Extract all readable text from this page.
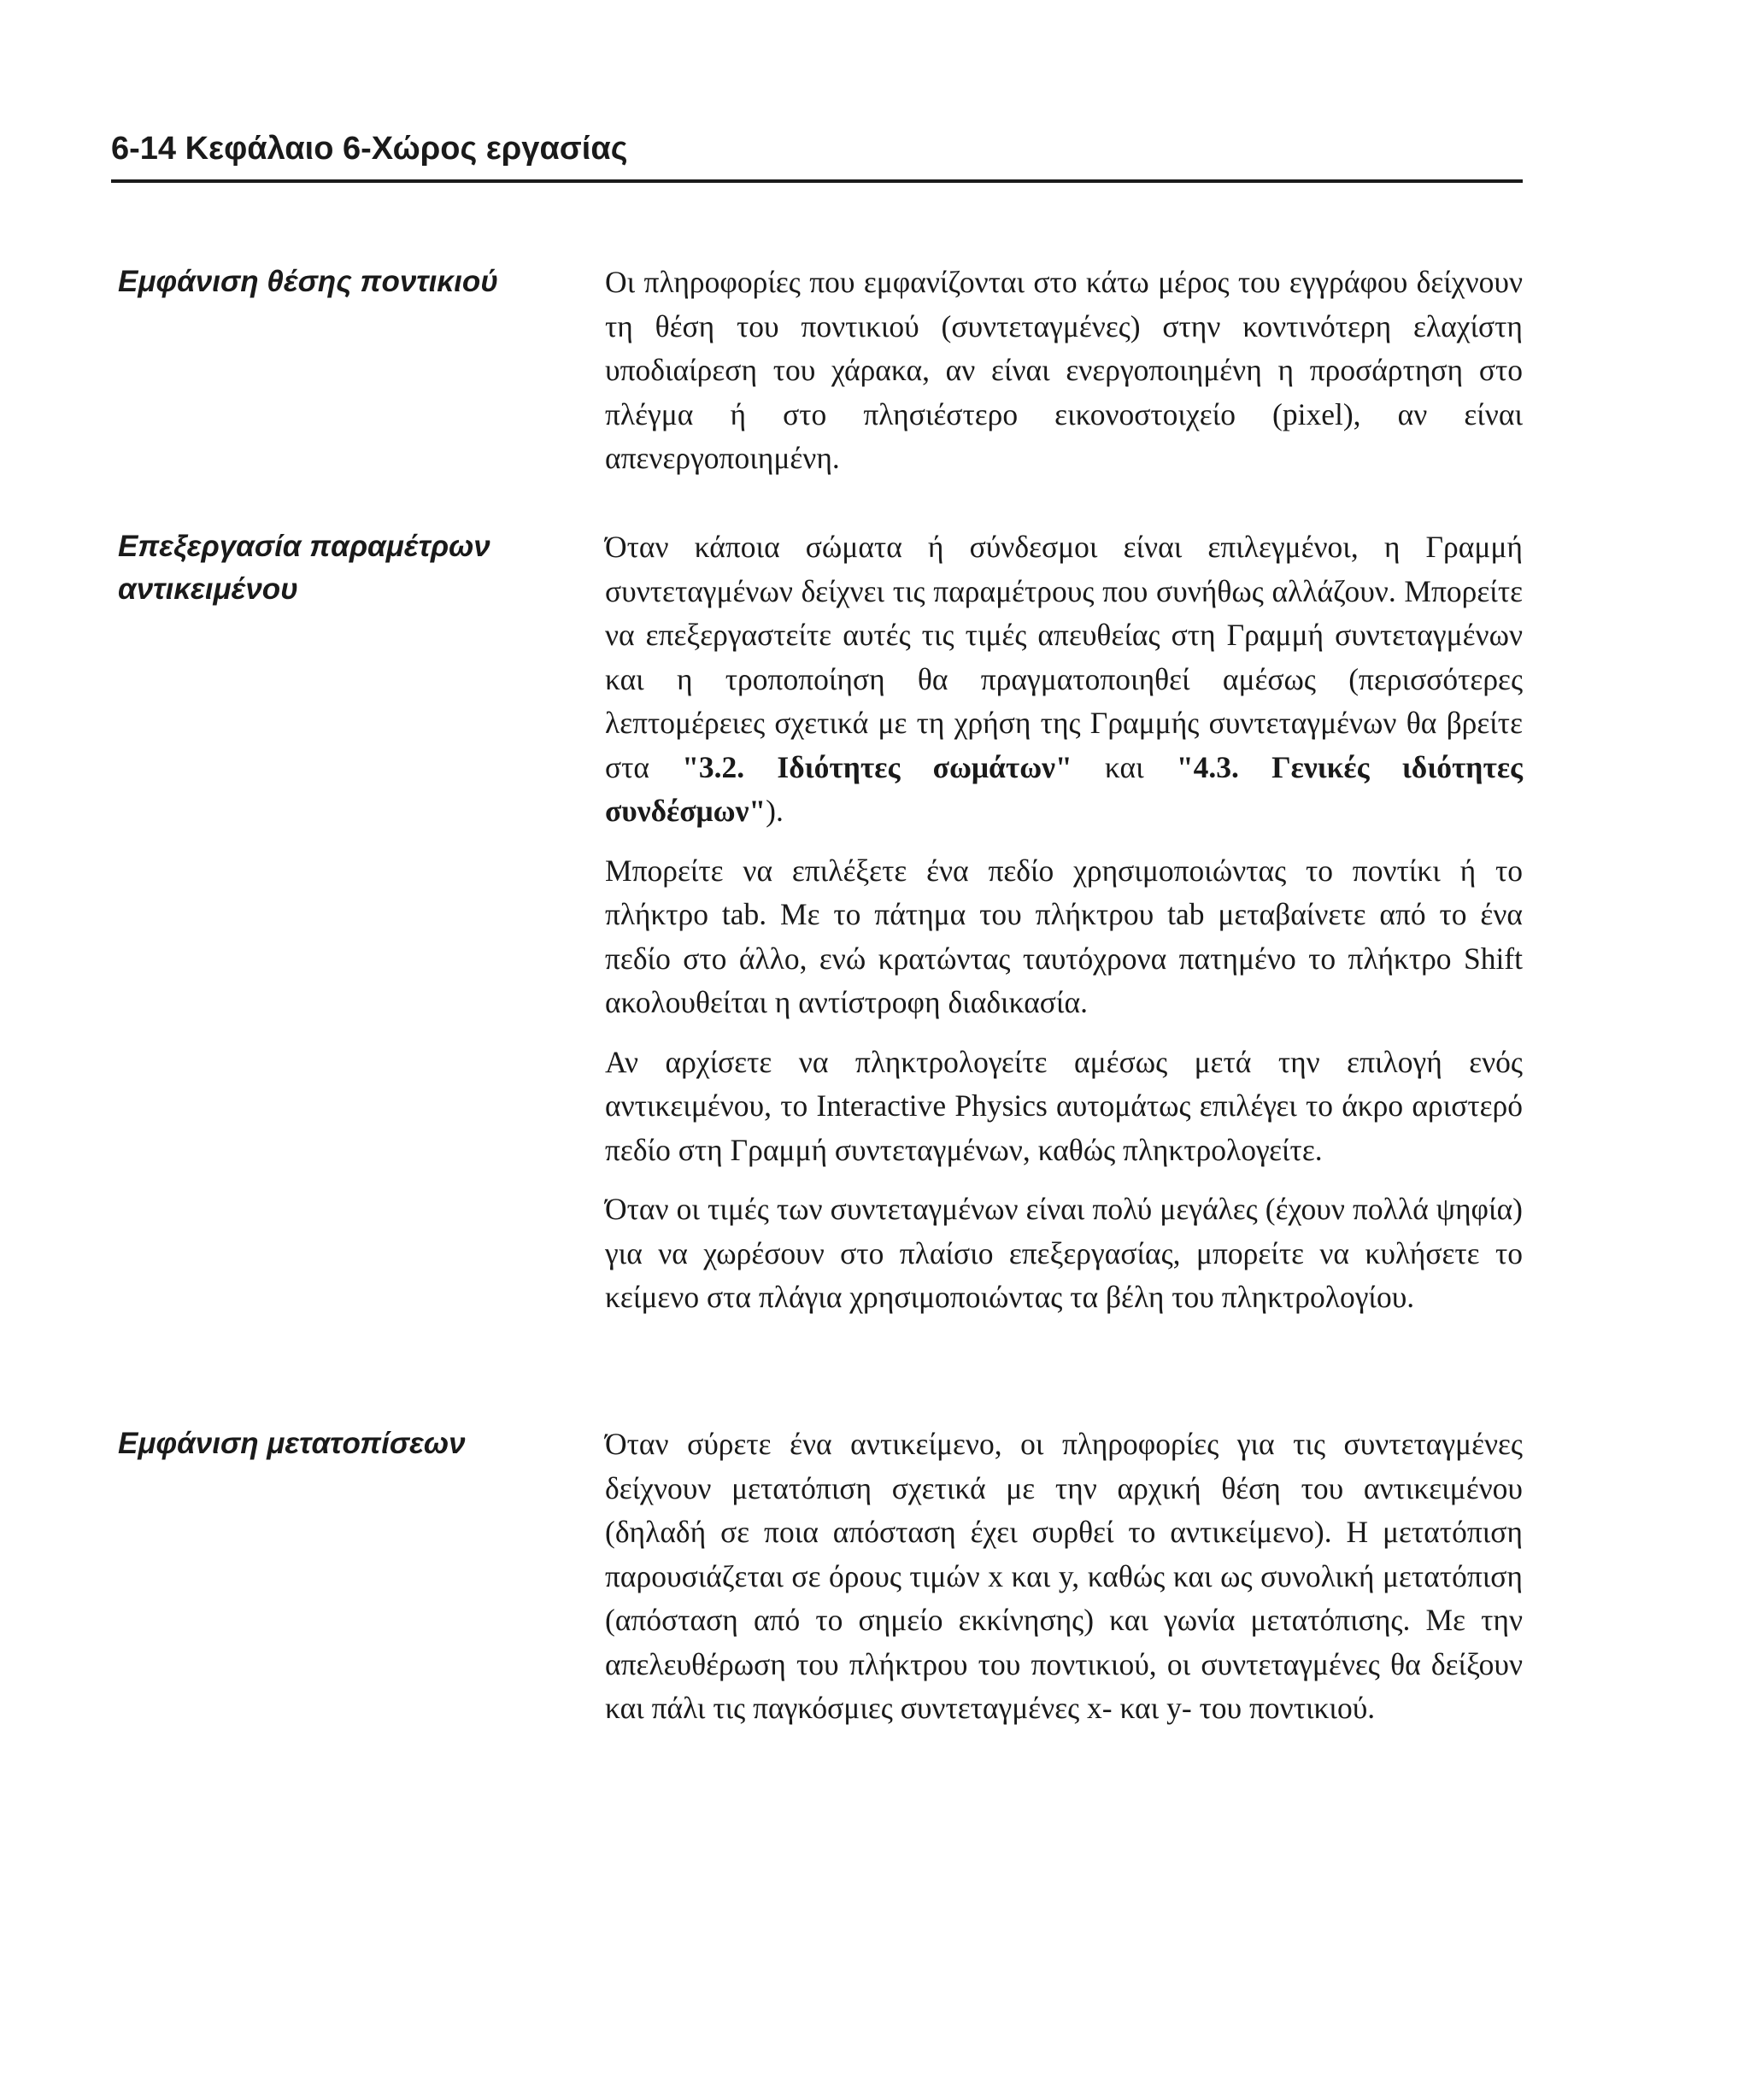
6-14 Κεφάλαιο 6-Χώρος εργασίας
Εμφάνιση θέσης ποντικιού	Οι πληροφορίες που εμφανίζονται στο κάτω μέρος του εγγράφου δείχνουν τη θέση του ποντικιού (συντεταγμένες) στην κοντινότερη ελαχίστη υποδιαίρεση του χάρακα, αν είναι ενεργοποιημένη η προσάρτηση στο πλέγμα ή στο πλησιέστερο εικονοστοιχείο (pixel), αν είναι απενεργοποιημένη.

Επεξεργασία παραμέτρων
αντικειμένου

Όταν κάποια σώματα ή σύνδεσμοι είναι επιλεγμένοι, η Γραμμή συντεταγμένων δείχνει τις παραμέτρους που συνήθως αλλάζουν. Μπορείτε να επεξεργαστείτε αυτές τις τιμές απευθείας στη Γραμμή συντεταγμένων και η τροποποίηση θα πραγματοποιηθεί αμέσως (περισσότερες λεπτομέρειες σχετικά με τη χρήση της Γραμμής συντεταγμένων θα βρείτε στα "3.2. Ιδιότητες σωμάτων" και "4.3. Γενικές ιδιότητες συνδέσμων").

Μπορείτε να επιλέξετε ένα πεδίο χρησιμοποιώντας το ποντίκι ή το πλήκτρο tab. Με το πάτημα του πλήκτρου tab μεταβαίνετε από το ένα πεδίο στο άλλο, ενώ κρατώντας ταυτόχρονα πατημένο το πλήκτρο Shift ακολουθείται η αντίστροφη διαδικασία.

Αν αρχίσετε να πληκτρολογείτε αμέσως μετά την επιλογή ενός αντικειμένου, το Interactive Physics αυτομάτως επιλέγει το άκρο αριστερό πεδίο στη Γραμμή συντεταγμένων, καθώς πληκτρολογείτε.

Όταν οι τιμές των συντεταγμένων είναι πολύ μεγάλες (έχουν πολλά ψηφία) για να χωρέσουν στο πλαίσιο επεξεργασίας, μπορείτε να κυλήσετε το κείμενο στα πλάγια χρησιμοποιώντας τα βέλη του πληκτρολογίου.

Εμφάνιση μετατοπίσεων	Όταν σύρετε ένα αντικείμενο, οι πληροφορίες για τις συντεταγμένες δείχνουν μετατόπιση σχετικά με την αρχική θέση του αντικειμένου (δηλαδή σε ποια απόσταση έχει συρθεί το αντικείμενο). Η μετατόπιση παρουσιάζεται σε όρους τιμών x και y, καθώς και ως συνολική μετατόπιση (απόσταση από το σημείο εκκίνησης) και γωνία μετατόπισης. Με την απελευθέρωση του πλήκτρου του ποντικιού, οι συντεταγμένες θα δείξουν και πάλι τις παγκόσμιες συντεταγμένες x- και y- του ποντικιού.
